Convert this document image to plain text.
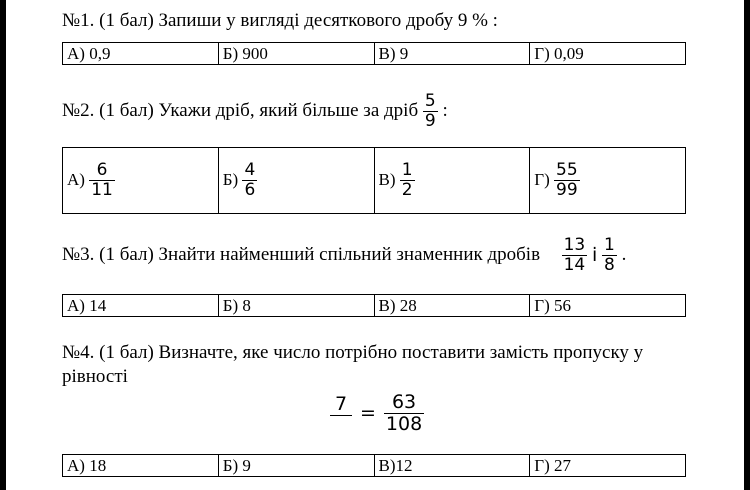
№1. (1 бал) Запиши у вигляді десяткового дробу 9 % :
А) 0,9	Б) 900	В) 9	Г) 0,09
№2. (1 бал) Укажи дріб, який більше за дріб $\frac{5}{9}$ :
$А) \frac{6}{11}$	$Б) \frac{4}{6}$	$В) \frac{1}{2}$	$Г) \frac{55}{99}$
№3. (1 бал) Знайти найменший спільний знаменник дробів $\frac{13}{14}$ і $\frac{1}{8}$ .
А) 14	Б) 8	В) 28	Г) 56
№4. (1 бал) Визначте, яке число потрібно поставити замість пропуску у
рівності
$7 = \frac{63}{108}$
А) 18	Б) 9	В)12	Г) 27
